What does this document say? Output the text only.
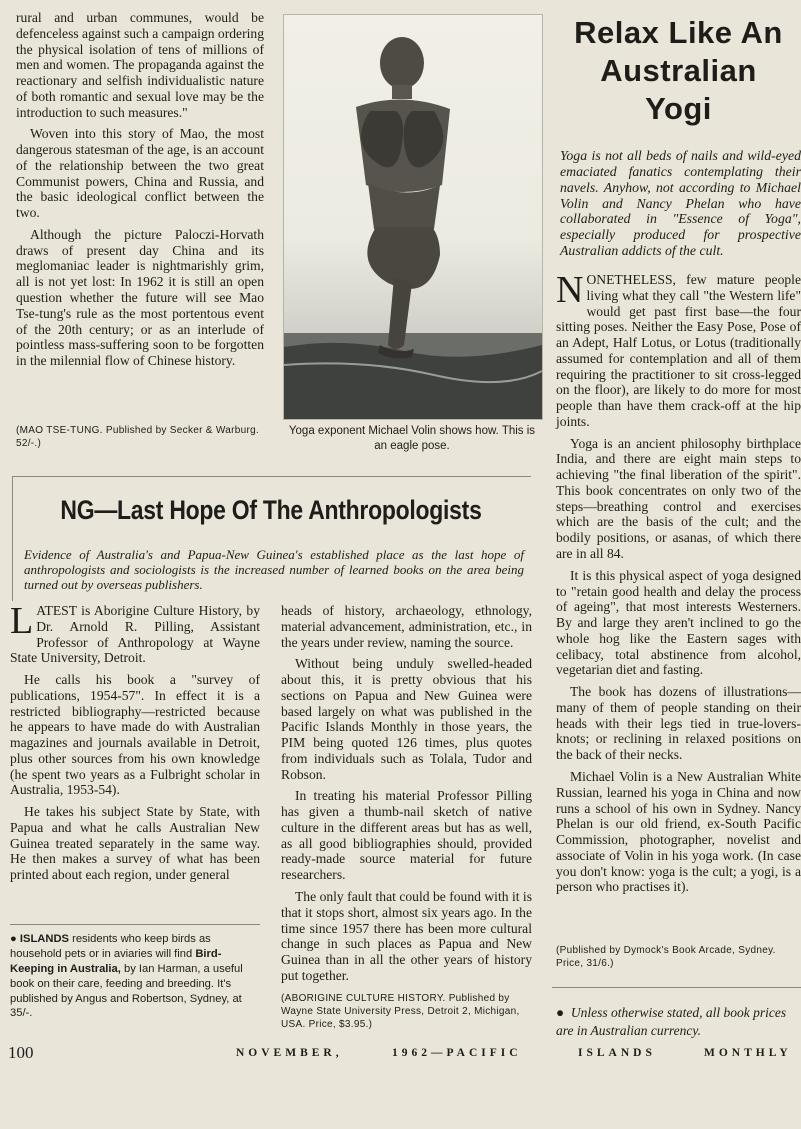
rural and urban communes, would be defenceless against such a campaign ordering the physical isolation of tens of millions of men and women. The propaganda against the reactionary and selfish individualistic nature of both romantic and sexual love may be the introduction to such measures."

Woven into this story of Mao, the most dangerous statesman of the age, is an account of the relationship between the two great Communist powers, China and Russia, and the basic ideological conflict between the two.

Although the picture Paloczi-Horvath draws of present day China and its meglomaniac leader is nightmarishly grim, all is not yet lost: In 1962 it is still an open question whether the future will see Mao Tse-tung's rule as the most portentous event of the 20th century; or as an interlude of pointless mass-suffering soon to be forgotten in the milennial flow of Chinese history.

(MAO TSE-TUNG. Published by Secker & Warburg. 52/-.)
Yoga exponent Michael Volin shows how. This is an eagle pose.
Relax Like An
Australian
Yogi
Yoga is not all beds of nails and wild-eyed emaciated fanatics contemplating their navels. Anyhow, not according to Michael Volin and Nancy Phelan who have collaborated in "Essence of Yoga", especially produced for prospective Australian addicts of the cult.

NONETHELESS, few mature people living what they call "the Western life" would get past first base—the four sitting poses. Neither the Easy Pose, Pose of an Adept, Half Lotus, or Lotus (traditionally assumed for contemplation and all of them requiring the practitioner to sit cross-legged on the floor), are likely to do more for most people than have them crack-off at the hip joints.

Yoga is an ancient philosophy birthplace India, and there are eight main steps to achieving "the final liberation of the spirit". This book concentrates on only two of the steps—breathing control and exercises which are the basis of the cult; and the bodily positions, or asanas, of which there are in all 84.

It is this physical aspect of yoga designed to "retain good health and delay the process of ageing", that most interests Westerners. By and large they aren't inclined to go the whole hog like the Eastern sages with celibacy, total abstinence from alcohol, vegetarian diet and fasting.

The book has dozens of illustrations—many of them of people standing on their heads with their legs tied in true-lovers-knots; or reclining in relaxed positions on the back of their necks.

Michael Volin is a New Australian White Russian, learned his yoga in China and now runs a school of his own in Sydney. Nancy Phelan is our old friend, ex-South Pacific Commission, photographer, novelist and associate of Volin in his yoga work. (In case you don't know: yoga is the cult; a yogi, is a person who practises it).

(Published by Dymock's Book Arcade, Sydney. Price, 31/6.)
NG—Last Hope Of The Anthropologists
Evidence of Australia's and Papua-New Guinea's established place as the last hope of anthropologists and sociologists is the increased number of learned books on the area being turned out by overseas publishers.

LATEST is Aborigine Culture History, by Dr. Arnold R. Pilling, Assistant Professor of Anthropology at Wayne State University, Detroit.

He calls his book a "survey of publications, 1954-57". In effect it is a restricted bibliography—restricted because he appears to have made do with Australian magazines and journals available in Detroit, plus other sources from his own knowledge (he spent two years as a Fulbright scholar in Australia, 1953-54).

He takes his subject State by State, with Papua and what he calls Australian New Guinea treated separately in the same way. He then makes a survey of what has been printed about each region, under general

● ISLANDS residents who keep birds as household pets or in aviaries will find Bird-Keeping in Australia, by Ian Harman, a useful book on their care, feeding and breeding. It's published by Angus and Robertson, Sydney, at 35/-.

heads of history, archaeology, ethnology, material advancement, administration, etc., in the years under review, naming the source.

Without being unduly swelled-headed about this, it is pretty obvious that his sections on Papua and New Guinea were based largely on what was published in the Pacific Islands Monthly in those years, the PIM being quoted 126 times, plus quotes from individuals such as Tolala, Tudor and Robson.

In treating his material Professor Pilling has given a thumb-nail sketch of native culture in the different areas but has as well, as all good bibliographies should, provided ready-made source material for future researchers.

The only fault that could be found with it is that it stops short, almost six years ago. In the time since 1957 there has been more cultural change in such places as Papua and New Guinea than in all the other years of history put together.

(ABORIGINE CULTURE HISTORY. Published by Wayne State University Press, Detroit 2, Michigan, USA. Price, $3.95.)
● Unless otherwise stated, all book prices are in Australian currency.
100	NOVEMBER,	1962—PACIFIC	ISLANDS	MONTHLY
